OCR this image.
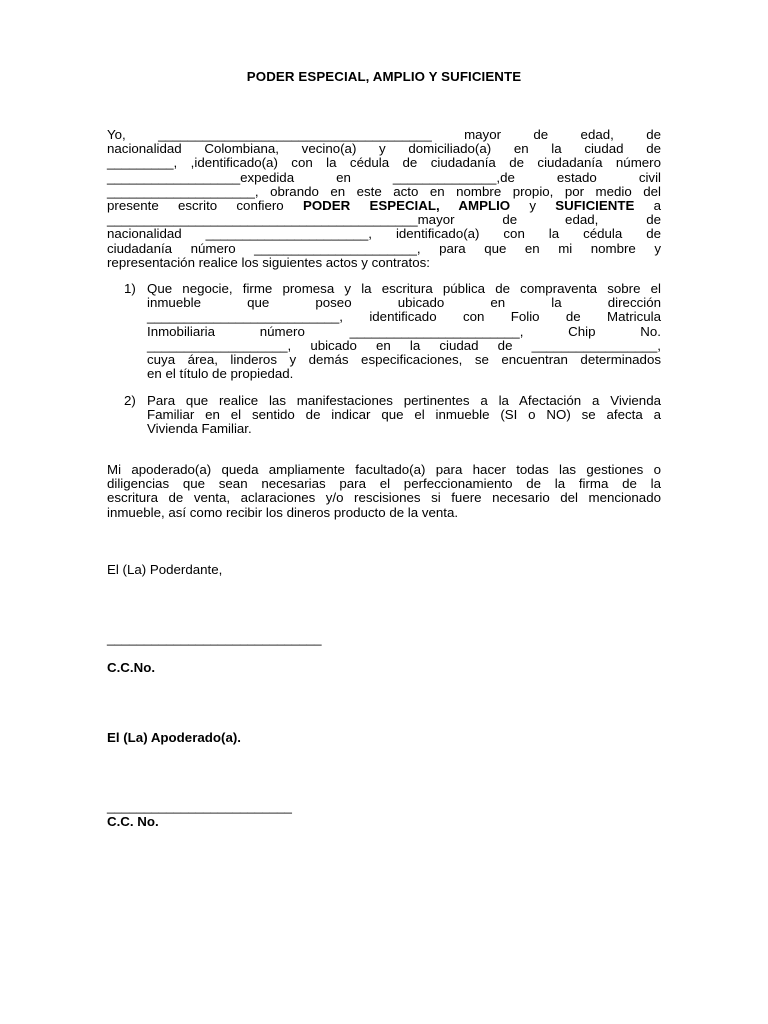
PODER ESPECIAL, AMPLIO Y SUFICIENTE
Yo, _____________________________________ mayor de edad, de
nacionalidad Colombiana, vecino(a) y domiciliado(a) en la ciudad de
_________, ,identificado(a) con la cédula de ciudadanía de ciudadanía número
__________________expedida en ______________,de estado civil
____________________, obrando en este acto en nombre propio, por medio del
presente escrito confiero PODER ESPECIAL, AMPLIO y SUFICIENTE a
__________________________________________mayor de edad, de
nacionalidad ______________________, identificado(a) con la cédula de
ciudadanía número ______________________, para que en mi nombre y
representación realice los siguientes actos y contratos:
1) Que negocie, firme promesa y la escritura pública de compraventa sobre el
inmueble que poseo ubicado en la dirección
__________________________, identificado con Folio de Matricula
Inmobiliaria número _______________________, Chip No.
___________________, ubicado en la ciudad de _________________,
cuya área, linderos y demás especificaciones, se encuentran determinados
en el título de propiedad.
2) Para que realice las manifestaciones pertinentes a la Afectación a Vivienda
Familiar en el sentido de indicar que el inmueble (SI o NO) se afecta a
Vivienda Familiar.
Mi apoderado(a) queda ampliamente facultado(a) para hacer todas las gestiones o
diligencias que sean necesarias para el perfeccionamiento de la firma de la
escritura de venta, aclaraciones y/o rescisiones si fuere necesario del mencionado
inmueble, así como recibir los dineros producto de la venta.
El (La) Poderdante,
_____________________________
C.C.No.
El (La) Apoderado(a).
_________________________
C.C. No.
